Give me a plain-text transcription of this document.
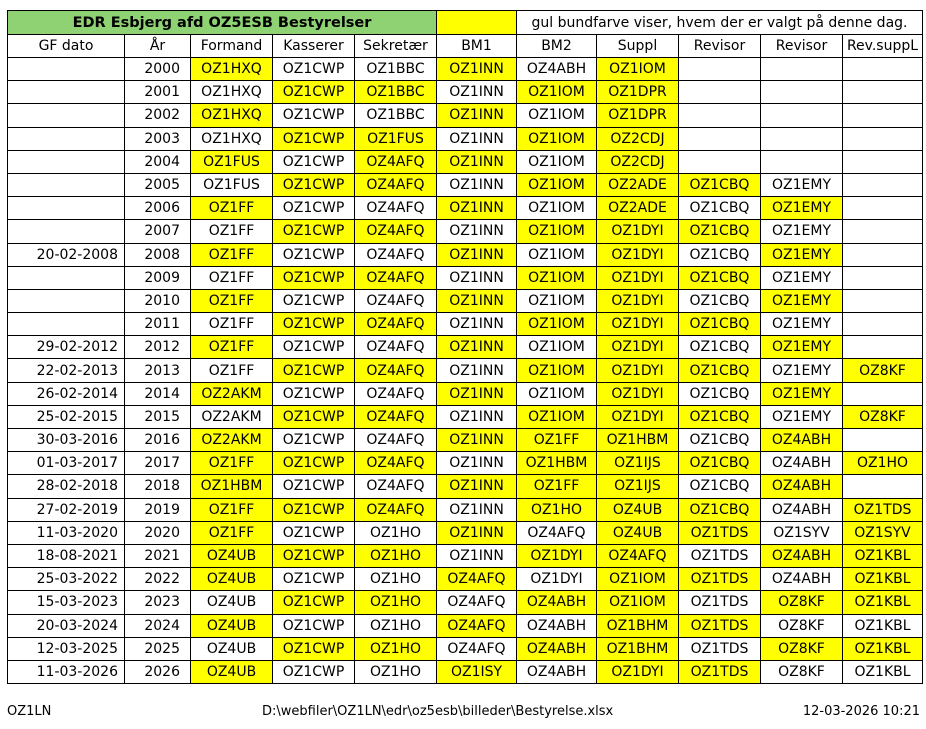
EDR Esbjerg afd OZ5ESB Bestyrelser						gul bundfarve viser, hvem der er valgt på denne dag.				
GF dato	År	Formand	Kasserer	Sekretær	BM1	BM2	Suppl	Revisor	Revisor	Rev.suppL
	2000	OZ1HXQ	OZ1CWP	OZ1BBC	OZ1INN	OZ4ABH	OZ1IOM			
	2001	OZ1HXQ	OZ1CWP	OZ1BBC	OZ1INN	OZ1IOM	OZ1DPR			
	2002	OZ1HXQ	OZ1CWP	OZ1BBC	OZ1INN	OZ1IOM	OZ1DPR			
	2003	OZ1HXQ	OZ1CWP	OZ1FUS	OZ1INN	OZ1IOM	OZ2CDJ			
	2004	OZ1FUS	OZ1CWP	OZ4AFQ	OZ1INN	OZ1IOM	OZ2CDJ			
	2005	OZ1FUS	OZ1CWP	OZ4AFQ	OZ1INN	OZ1IOM	OZ2ADE	OZ1CBQ	OZ1EMY	
	2006	OZ1FF	OZ1CWP	OZ4AFQ	OZ1INN	OZ1IOM	OZ2ADE	OZ1CBQ	OZ1EMY	
	2007	OZ1FF	OZ1CWP	OZ4AFQ	OZ1INN	OZ1IOM	OZ1DYI	OZ1CBQ	OZ1EMY	
20-02-2008	2008	OZ1FF	OZ1CWP	OZ4AFQ	OZ1INN	OZ1IOM	OZ1DYI	OZ1CBQ	OZ1EMY	
	2009	OZ1FF	OZ1CWP	OZ4AFQ	OZ1INN	OZ1IOM	OZ1DYI	OZ1CBQ	OZ1EMY	
	2010	OZ1FF	OZ1CWP	OZ4AFQ	OZ1INN	OZ1IOM	OZ1DYI	OZ1CBQ	OZ1EMY	
	2011	OZ1FF	OZ1CWP	OZ4AFQ	OZ1INN	OZ1IOM	OZ1DYI	OZ1CBQ	OZ1EMY	
29-02-2012	2012	OZ1FF	OZ1CWP	OZ4AFQ	OZ1INN	OZ1IOM	OZ1DYI	OZ1CBQ	OZ1EMY	
22-02-2013	2013	OZ1FF	OZ1CWP	OZ4AFQ	OZ1INN	OZ1IOM	OZ1DYI	OZ1CBQ	OZ1EMY	OZ8KF
26-02-2014	2014	OZ2AKM	OZ1CWP	OZ4AFQ	OZ1INN	OZ1IOM	OZ1DYI	OZ1CBQ	OZ1EMY	
25-02-2015	2015	OZ2AKM	OZ1CWP	OZ4AFQ	OZ1INN	OZ1IOM	OZ1DYI	OZ1CBQ	OZ1EMY	OZ8KF
30-03-2016	2016	OZ2AKM	OZ1CWP	OZ4AFQ	OZ1INN	OZ1FF	OZ1HBM	OZ1CBQ	OZ4ABH	
01-03-2017	2017	OZ1FF	OZ1CWP	OZ4AFQ	OZ1INN	OZ1HBM	OZ1IJS	OZ1CBQ	OZ4ABH	OZ1HO
28-02-2018	2018	OZ1HBM	OZ1CWP	OZ4AFQ	OZ1INN	OZ1FF	OZ1IJS	OZ1CBQ	OZ4ABH	
27-02-2019	2019	OZ1FF	OZ1CWP	OZ4AFQ	OZ1INN	OZ1HO	OZ4UB	OZ1CBQ	OZ4ABH	OZ1TDS
11-03-2020	2020	OZ1FF	OZ1CWP	OZ1HO	OZ1INN	OZ4AFQ	OZ4UB	OZ1TDS	OZ1SYV	OZ1SYV
18-08-2021	2021	OZ4UB	OZ1CWP	OZ1HO	OZ1INN	OZ1DYI	OZ4AFQ	OZ1TDS	OZ4ABH	OZ1KBL
25-03-2022	2022	OZ4UB	OZ1CWP	OZ1HO	OZ4AFQ	OZ1DYI	OZ1IOM	OZ1TDS	OZ4ABH	OZ1KBL
15-03-2023	2023	OZ4UB	OZ1CWP	OZ1HO	OZ4AFQ	OZ4ABH	OZ1IOM	OZ1TDS	OZ8KF	OZ1KBL
20-03-2024	2024	OZ4UB	OZ1CWP	OZ1HO	OZ4AFQ	OZ4ABH	OZ1BHM	OZ1TDS	OZ8KF	OZ1KBL
12-03-2025	2025	OZ4UB	OZ1CWP	OZ1HO	OZ4AFQ	OZ4ABH	OZ1BHM	OZ1TDS	OZ8KF	OZ1KBL
11-03-2026	2026	OZ4UB	OZ1CWP	OZ1HO	OZ1ISY	OZ4ABH	OZ1DYI	OZ1TDS	OZ8KF	OZ1KBL
OZ1LN	D:\webfiler\OZ1LN\edr\oz5esb\billeder\Bestyrelse.xlsx	12-03-2026 10:21
